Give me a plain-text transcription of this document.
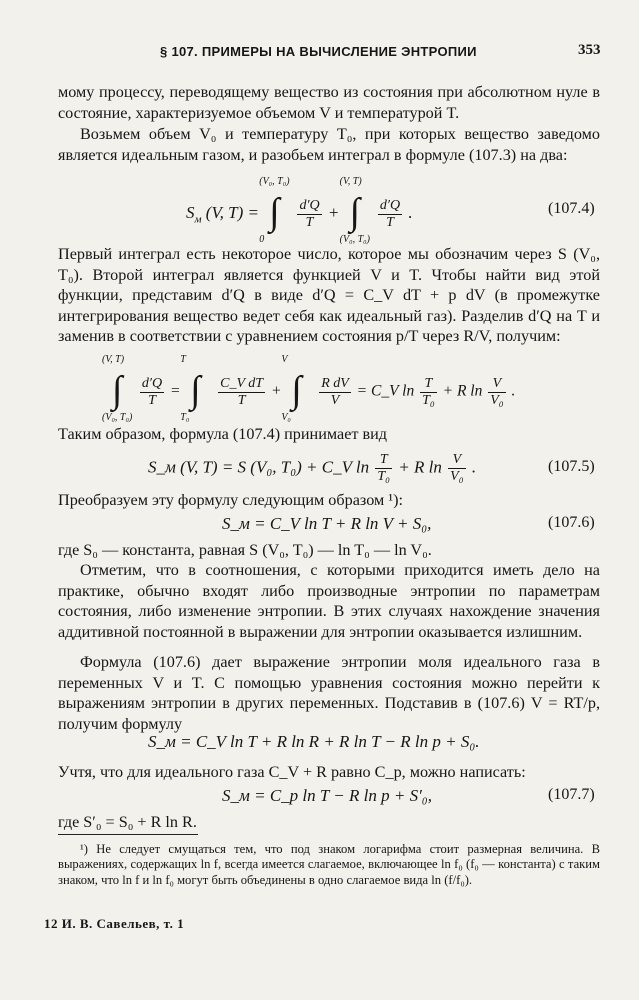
§ 107. ПРИМЕРЫ НА ВЫЧИСЛЕНИЕ ЭНТРОПИИ	353

мому процессу, переводящему вещество из состояния при абсолютном нуле в состояние, характеризуемое объемом V и температурой T.

Возьмем объем V₀ и температуру T₀, при которых вещество заведомо является идеальным газом, и разобьем интеграл в формуле (107.3) на два:

$S_м$ (V, T) =
(V₀, T₀)
∫
0

$\frac{d'Q}{T}$ +
(V, T)
∫
(V₀, T₀)

$\frac{d'Q}{T}$ .	(107.4)

Первый интеграл есть некоторое число, которое мы обозначим через S (V₀, T₀). Второй интеграл является функцией V и T. Чтобы найти вид этой функции, представим d′Q в виде d′Q = C_V dT + p dV (в промежутке интегрирования вещество ведет себя как идеальный газ). Разделив d′Q на T и заменив в соответствии с уравнением состояния p/T через R/V, получим:

(V, T)
∫
(V₀, T₀)

$\frac{d'Q}{T}$ =
T
∫
T₀

$\frac{\text{C\_V dT}}{T}$ +
V
∫
V₀

$\frac{\text{R dV}}{V}$ = C_V $\ln \frac{T}{\text{T₀}} + R$ $\ln \frac{V}{\text{V₀}}$ .

Таким образом, формула (107.4) принимает вид

S_м (V, T) = S (V₀, T₀) + C_V $\ln \frac{T}{\text{T₀}} + R$ $\ln \frac{V}{\text{V₀}}$ .	(107.5)

Преобразуем эту формулу следующим образом ¹):

S_м = C_V ln T + R ln V + S₀,	(107.6)

где S₀ — константа, равная S (V₀, T₀) — ln T₀ — ln V₀.

Отметим, что в соотношения, с которыми приходится иметь дело на практике, обычно входят либо производные энтропии по параметрам состояния, либо изменение энтропии. В этих случаях нахождение значения аддитивной постоянной в выражении для энтропии оказывается излишним.

Формула (107.6) дает выражение энтропии моля идеального газа в переменных V и T. С помощью уравнения состояния можно перейти к выражениям энтропии в других переменных. Подставив в (107.6) V = RT/p, получим формулу

S_м = C_V ln T + R ln R + R ln T − R ln p + S₀.

Учтя, что для идеального газа C_V + R равно C_p, можно написать:

S_м = C_p ln T − R ln p + S′₀,	(107.7)

где S′₀ = S₀ + R ln R.

¹) Не следует смущаться тем, что под знаком логарифма стоит размерная величина. В выражениях, содержащих ln f, всегда имеется слагаемое, включающее ln f₀ (f₀ — константа) с таким знаком, что ln f и ln f₀ могут быть объединены в одно слагаемое вида ln (f/f₀).

12 И. В. Савельев, т. 1
